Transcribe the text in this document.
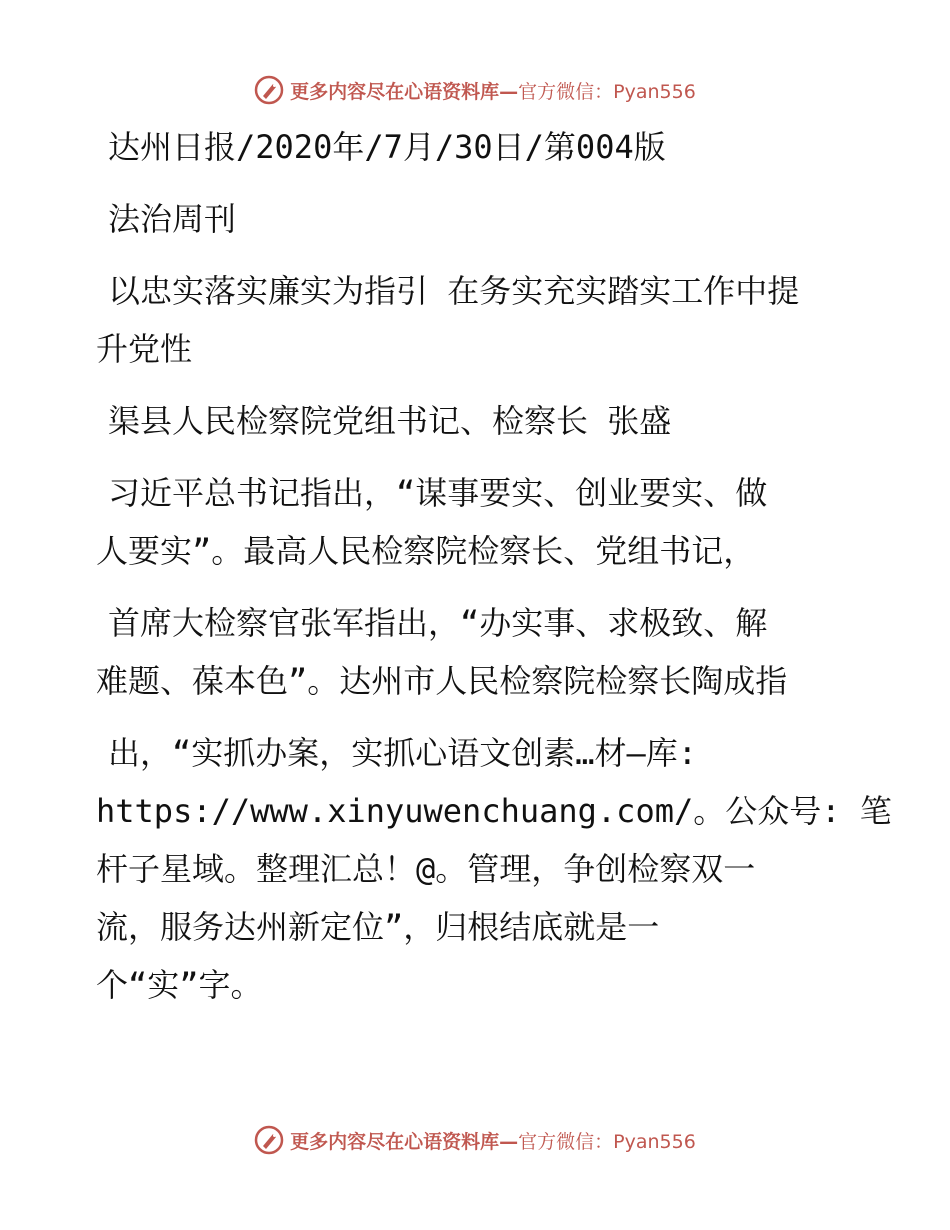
更多内容尽在心语资料库— 官方微信：Pyan556
达州日报/2020年/7月/30日/第004版
法治周刊
以忠实落实廉实为指引 在务实充实踏实工作中提
升党性
渠县人民检察院党组书记、检察长 张盛
习近平总书记指出，“谋事要实、创业要实、做
人要实”。最高人民检察院检察长、党组书记，
首席大检察官张军指出，“办实事、求极致、解
难题、葆本色”。达州市人民检察院检察长陶成指
出，“实抓办案，实抓心语文创素…材—库:
https://www.xinyuwenchuang.com/。公众号: 笔
杆子星域。整理汇总！@。管理，争创检察双一
流，服务达州新定位”，归根结底就是一
个“实”字。
更多内容尽在心语资料库— 官方微信：Pyan556
